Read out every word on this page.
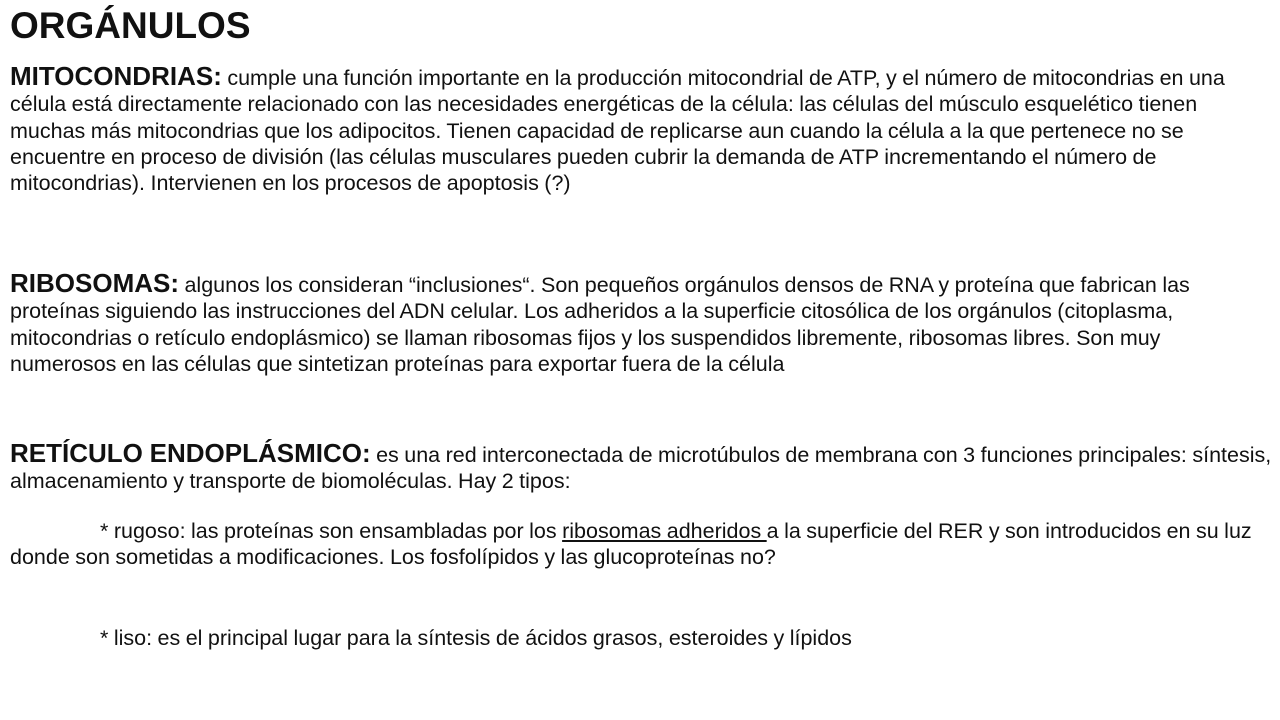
ORGÁNULOS
MITOCONDRIAS: cumple una función importante en la producción mitocondrial de ATP, y el número de mitocondrias en una célula está directamente relacionado con las necesidades energéticas de la célula: las células del músculo esquelético tienen muchas más mitocondrias que los adipocitos. Tienen capacidad de replicarse aun cuando la célula a la que pertenece no se encuentre en proceso de división (las células musculares pueden cubrir la demanda de ATP incrementando el número de mitocondrias). Intervienen en los procesos de apoptosis (?)
RIBOSOMAS: algunos los consideran “inclusiones“. Son pequeños orgánulos densos de RNA y proteína que fabrican las proteínas siguiendo las instrucciones del ADN celular. Los adheridos a la superficie citosólica de los orgánulos (citoplasma, mitocondrias o retículo endoplásmico) se llaman ribosomas fijos y los suspendidos libremente, ribosomas libres. Son muy numerosos en las células que sintetizan proteínas para exportar fuera de la célula
RETÍCULO ENDOPLÁSMICO: es una red interconectada de microtúbulos de membrana con 3 funciones principales: síntesis, almacenamiento y transporte de biomoléculas. Hay 2 tipos:
* rugoso: las proteínas son ensambladas por los ribosomas adheridos a la superficie del RER y son introducidos en su luz donde son sometidas a modificaciones. Los fosfolípidos y las glucoproteínas no?
* liso: es el principal lugar para la síntesis de ácidos grasos, esteroides y lípidos
